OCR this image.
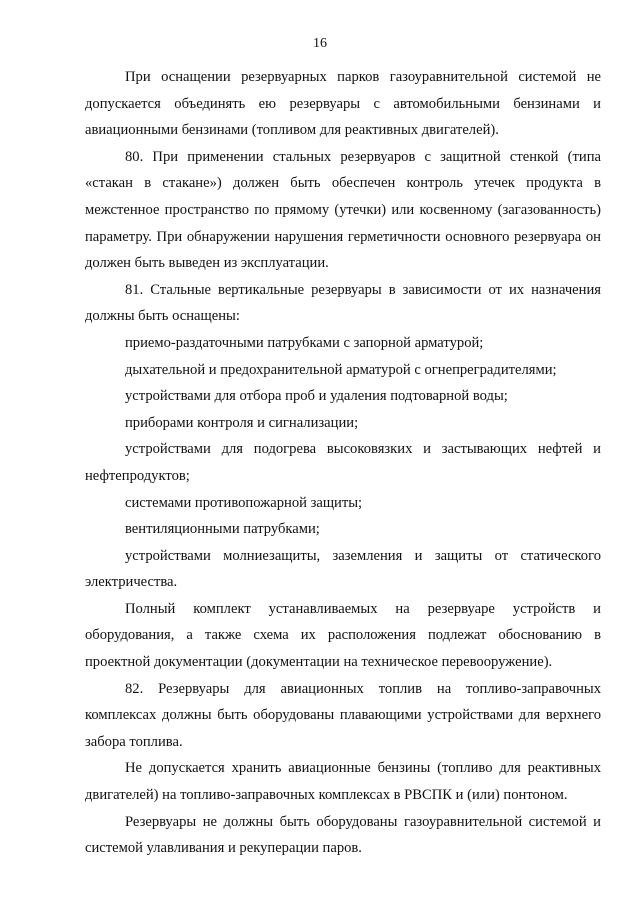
16

При оснащении резервуарных парков газоуравнительной системой не допускается объединять ею резервуары с автомобильными бензинами и авиационными бензинами (топливом для реактивных двигателей).

80. При применении стальных резервуаров с защитной стенкой (типа «стакан в стакане») должен быть обеспечен контроль утечек продукта в межстенное пространство по прямому (утечки) или косвенному (загазованность) параметру. При обнаружении нарушения герметичности основного резервуара он должен быть выведен из эксплуатации.

81. Стальные вертикальные резервуары в зависимости от их назначения должны быть оснащены:

приемо-раздаточными патрубками с запорной арматурой;

дыхательной и предохранительной арматурой с огнепреградителями;

устройствами для отбора проб и удаления подтоварной воды;

приборами контроля и сигнализации;

устройствами для подогрева высоковязких и застывающих нефтей и нефтепродуктов;

системами противопожарной защиты;

вентиляционными патрубками;

устройствами молниезащиты, заземления и защиты от статического электричества.

Полный комплект устанавливаемых на резервуаре устройств и оборудования, а также схема их расположения подлежат обоснованию в проектной документации (документации на техническое перевооружение).

82. Резервуары для авиационных топлив на топливо-заправочных комплексах должны быть оборудованы плавающими устройствами для верхнего забора топлива.

Не допускается хранить авиационные бензины (топливо для реактивных двигателей) на топливо-заправочных комплексах в РВСПК и (или) понтоном.

Резервуары не должны быть оборудованы газоуравнительной системой и системой улавливания и рекуперации паров.
